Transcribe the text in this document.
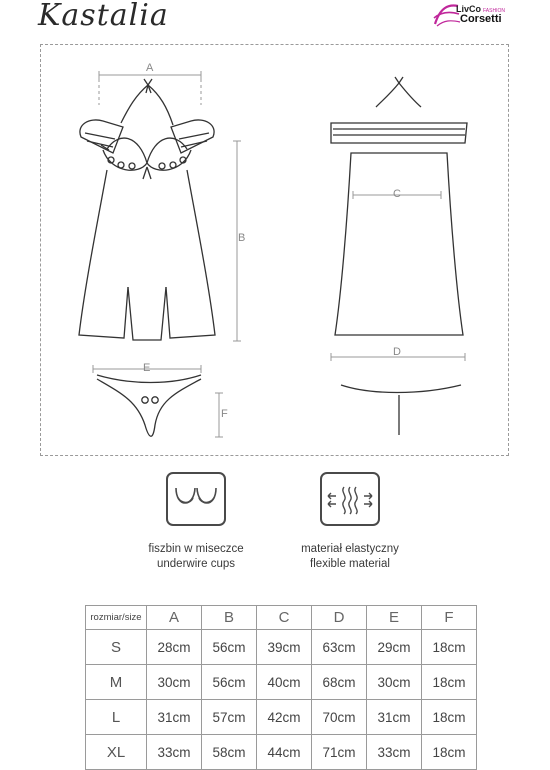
Kastalia	LivCo FASHION
Corsetti
A
B
C
D
E
F
fiszbin w miseczce
underwire cups
materiał elastyczny
flexible material
rozmiar/size	A	B	C	D	E	F
S	28cm	56cm	39cm	63cm	29cm	18cm
M	30cm	56cm	40cm	68cm	30cm	18cm
L	31cm	57cm	42cm	70cm	31cm	18cm
XL	33cm	58cm	44cm	71cm	33cm	18cm
